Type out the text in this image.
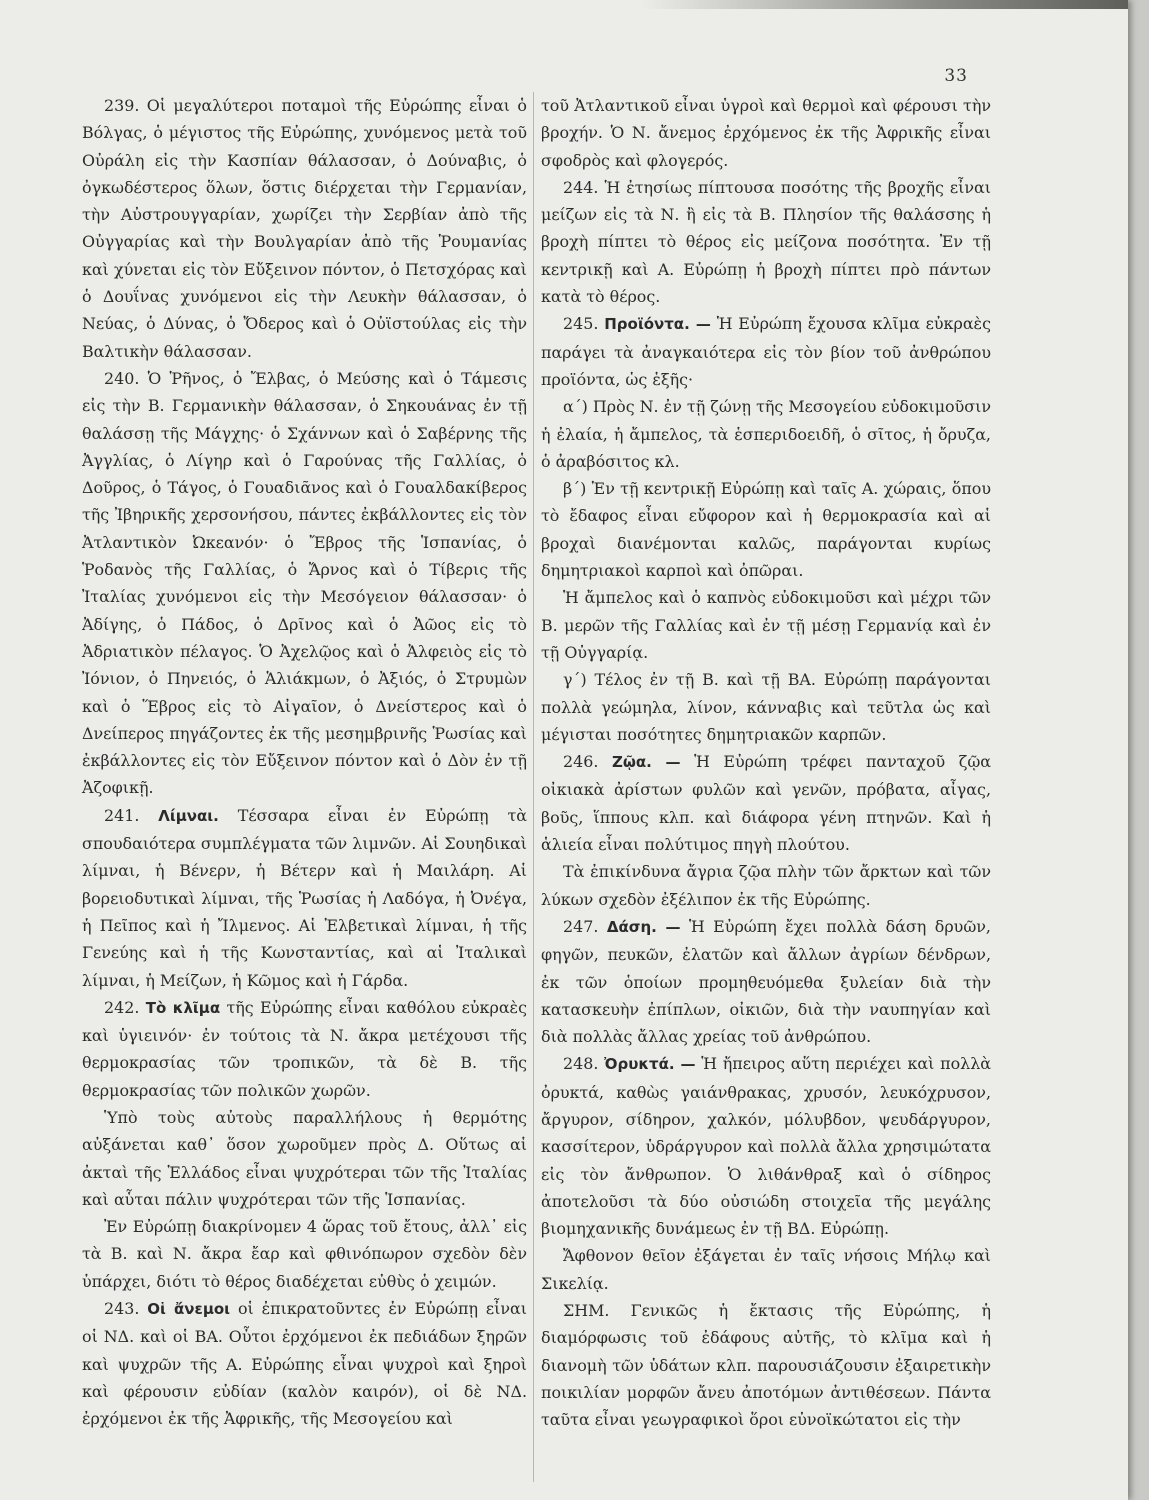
33

239. Οἱ μεγαλύτεροι ποταμοὶ τῆς Εὐρώπης εἶναι ὁ Βόλγας, ὁ μέγιστος τῆς Εὐρώπης, χυνόμενος μετὰ τοῦ Οὐράλη εἰς τὴν Κασπίαν θάλασσαν, ὁ Δούναβις, ὁ ὀγκωδέστερος ὅλων, ὅστις διέρχεται τὴν Γερμανίαν, τὴν Αὐστρουγγαρίαν, χωρίζει τὴν Σερβίαν ἀπὸ τῆς Οὐγγαρίας καὶ τὴν Βουλγαρίαν ἀπὸ τῆς Ῥουμανίας καὶ χύνεται εἰς τὸν Εὔξεινον πόντον, ὁ Πετσχόρας καὶ ὁ Δουΐνας χυνόμενοι εἰς τὴν Λευκὴν θάλασσαν, ὁ Νεύας, ὁ Δύνας, ὁ Ὄδερος καὶ ὁ Οὐϊστούλας εἰς τὴν Βαλτικὴν θάλασσαν.

240. Ὁ Ῥῆνος, ὁ Ἔλβας, ὁ Μεύσης καὶ ὁ Τάμεσις εἰς τὴν Β. Γερμανικὴν θάλασσαν, ὁ Σηκουάνας ἐν τῇ θαλάσσῃ τῆς Μάγχης· ὁ Σχάννων καὶ ὁ Σαβέρνης τῆς Ἀγγλίας, ὁ Λίγηρ καὶ ὁ Γαρούνας τῆς Γαλλίας, ὁ Δοῦρος, ὁ Τάγος, ὁ Γουαδιᾶνος καὶ ὁ Γουαλδακίβερος τῆς Ἰβηρικῆς χερσονήσου, πάντες ἐκβάλλοντες εἰς τὸν Ἀτλαντικὸν Ὠκεανόν· ὁ Ἔβρος τῆς Ἱσπανίας, ὁ Ῥοδανὸς τῆς Γαλλίας, ὁ Ἄρνος καὶ ὁ Τίβερις τῆς Ἰταλίας χυνόμενοι εἰς τὴν Μεσόγειον θάλασσαν· ὁ Ἀδίγης, ὁ Πάδος, ὁ Δρῖνος καὶ ὁ Ἀῶος εἰς τὸ Ἀδριατικὸν πέλαγος. Ὁ Ἀχελῷος καὶ ὁ Ἀλφειὸς εἰς τὸ Ἰόνιον, ὁ Πηνειός, ὁ Ἁλιάκμων, ὁ Ἀξιός, ὁ Στρυμὼν καὶ ὁ Ἕβρος εἰς τὸ Αἰγαῖον, ὁ Δνείστερος καὶ ὁ Δνείπερος πηγάζοντες ἐκ τῆς μεσημβρινῆς Ῥωσίας καὶ ἐκβάλλοντες εἰς τὸν Εὔξεινον πόντον καὶ ὁ Δὸν ἐν τῇ Ἀζοφικῇ.

241. Λίμναι. Τέσσαρα εἶναι ἐν Εὐρώπῃ τὰ σπουδαιότερα συμπλέγματα τῶν λιμνῶν. Αἱ Σουηδικαὶ λίμναι, ἡ Βένερν, ἡ Βέτερν καὶ ἡ Μαιλάρη. Αἱ βορειοδυτικαὶ λίμναι, τῆς Ῥωσίας ἡ Λαδόγα, ἡ Ὀνέγα, ἡ Πεῖπος καὶ ἡ Ἴλμενος. Αἱ Ἐλβετικαὶ λίμναι, ἡ τῆς Γενεύης καὶ ἡ τῆς Κωνσταντίας, καὶ αἱ Ἰταλικαὶ λίμναι, ἡ Μείζων, ἡ Κῶμος καὶ ἡ Γάρδα.

242. Τὸ κλῖμα τῆς Εὐρώπης εἶναι καθόλου εὐκραὲς καὶ ὑγιεινόν· ἐν τούτοις τὰ Ν. ἄκρα μετέχουσι τῆς θερμοκρασίας τῶν τροπικῶν, τὰ δὲ Β. τῆς θερμοκρασίας τῶν πολικῶν χωρῶν.

Ὑπὸ τοὺς αὐτοὺς παραλλήλους ἡ θερμότης αὐξάνεται καθ᾽ ὅσον χωροῦμεν πρὸς Δ. Οὕτως αἱ ἀκταὶ τῆς Ἑλλάδος εἶναι ψυχρότεραι τῶν τῆς Ἰταλίας καὶ αὗται πάλιν ψυχρότεραι τῶν τῆς Ἱσπανίας.

Ἐν Εὐρώπῃ διακρίνομεν 4 ὥρας τοῦ ἔτους, ἀλλ᾽ εἰς τὰ Β. καὶ Ν. ἄκρα ἔαρ καὶ φθινόπωρον σχεδὸν δὲν ὑπάρχει, διότι τὸ θέρος διαδέχεται εὐθὺς ὁ χειμών.

243. Οἱ ἄνεμοι οἱ ἐπικρατοῦντες ἐν Εὐρώπῃ εἶναι οἱ ΝΔ. καὶ οἱ ΒΑ. Οὗτοι ἐρχόμενοι ἐκ πεδιάδων ξηρῶν καὶ ψυχρῶν τῆς Α. Εὐρώπης εἶναι ψυχροὶ καὶ ξηροὶ καὶ φέρουσιν εὐδίαν (καλὸν καιρόν), οἱ δὲ ΝΔ. ἐρχόμενοι ἐκ τῆς Ἀφρικῆς, τῆς Μεσογείου καὶ

τοῦ Ἀτλαντικοῦ εἶναι ὑγροὶ καὶ θερμοὶ καὶ φέρουσι τὴν βροχήν. Ὁ Ν. ἄνεμος ἐρχόμενος ἐκ τῆς Ἀφρικῆς εἶναι σφοδρὸς καὶ φλογερός.

244. Ἡ ἐτησίως πίπτουσα ποσότης τῆς βροχῆς εἶναι μείζων εἰς τὰ Ν. ἢ εἰς τὰ Β. Πλησίον τῆς θαλάσσης ἡ βροχὴ πίπτει τὸ θέρος εἰς μείζονα ποσότητα. Ἐν τῇ κεντρικῇ καὶ Α. Εὐρώπῃ ἡ βροχὴ πίπτει πρὸ πάντων κατὰ τὸ θέρος.

245. Προϊόντα. — Ἡ Εὐρώπη ἔχουσα κλῖμα εὐκραὲς παράγει τὰ ἀναγκαιότερα εἰς τὸν βίον τοῦ ἀνθρώπου προϊόντα, ὡς ἑξῆς·

α΄) Πρὸς Ν. ἐν τῇ ζώνῃ τῆς Μεσογείου εὐδοκιμοῦσιν ἡ ἐλαία, ἡ ἄμπελος, τὰ ἑσπεριδοειδῆ, ὁ σῖτος, ἡ ὄρυζα, ὁ ἀραβόσιτος κλ.

β΄) Ἐν τῇ κεντρικῇ Εὐρώπῃ καὶ ταῖς Α. χώραις, ὅπου τὸ ἔδαφος εἶναι εὔφορον καὶ ἡ θερμοκρασία καὶ αἱ βροχαὶ διανέμονται καλῶς, παράγονται κυρίως δημητριακοὶ καρποὶ καὶ ὀπῶραι.

Ἡ ἄμπελος καὶ ὁ καπνὸς εὐδοκιμοῦσι καὶ μέχρι τῶν Β. μερῶν τῆς Γαλλίας καὶ ἐν τῇ μέσῃ Γερμανίᾳ καὶ ἐν τῇ Οὐγγαρίᾳ.

γ΄) Τέλος ἐν τῇ Β. καὶ τῇ ΒΑ. Εὐρώπῃ παράγονται πολλὰ γεώμηλα, λίνον, κάνναβις καὶ τεῦτλα ὡς καὶ μέγισται ποσότητες δημητριακῶν καρπῶν.

246. Ζῷα. — Ἡ Εὐρώπη τρέφει πανταχοῦ ζῷα οἰκιακὰ ἀρίστων φυλῶν καὶ γενῶν, πρόβατα, αἶγας, βοῦς, ἵππους κλπ. καὶ διάφορα γένη πτηνῶν. Καὶ ἡ ἁλιεία εἶναι πολύτιμος πηγὴ πλούτου.

Τὰ ἐπικίνδυνα ἄγρια ζῷα πλὴν τῶν ἄρκτων καὶ τῶν λύκων σχεδὸν ἐξέλιπον ἐκ τῆς Εὐρώπης.

247. Δάση. — Ἡ Εὐρώπη ἔχει πολλὰ δάση δρυῶν, φηγῶν, πευκῶν, ἐλατῶν καὶ ἄλλων ἀγρίων δένδρων, ἐκ τῶν ὁποίων προμηθευόμεθα ξυλείαν διὰ τὴν κατασκευὴν ἐπίπλων, οἰκιῶν, διὰ τὴν ναυπηγίαν καὶ διὰ πολλὰς ἄλλας χρείας τοῦ ἀνθρώπου.

248. Ὀρυκτά. — Ἡ ἤπειρος αὕτη περιέχει καὶ πολλὰ ὀρυκτά, καθὼς γαιάνθρακας, χρυσόν, λευκόχρυσον, ἄργυρον, σίδηρον, χαλκόν, μόλυβδον, ψευδάργυρον, κασσίτερον, ὑδράργυρον καὶ πολλὰ ἄλλα χρησιμώτατα εἰς τὸν ἄνθρωπον. Ὁ λιθάνθραξ καὶ ὁ σίδηρος ἀποτελοῦσι τὰ δύο οὐσιώδη στοιχεῖα τῆς μεγάλης βιομηχανικῆς δυνάμεως ἐν τῇ ΒΔ. Εὐρώπῃ.

Ἄφθονον θεῖον ἐξάγεται ἐν ταῖς νήσοις Μήλῳ καὶ Σικελίᾳ.

ΣΗΜ. Γενικῶς ἡ ἔκτασις τῆς Εὐρώπης, ἡ διαμόρφωσις τοῦ ἐδάφους αὐτῆς, τὸ κλῖμα καὶ ἡ διανομὴ τῶν ὑδάτων κλπ. παρουσιάζουσιν ἐξαιρετικὴν ποικιλίαν μορφῶν ἄνευ ἀποτόμων ἀντιθέσεων. Πάντα ταῦτα εἶναι γεωγραφικοὶ ὅροι εὐνοϊκώτατοι εἰς τὴν
